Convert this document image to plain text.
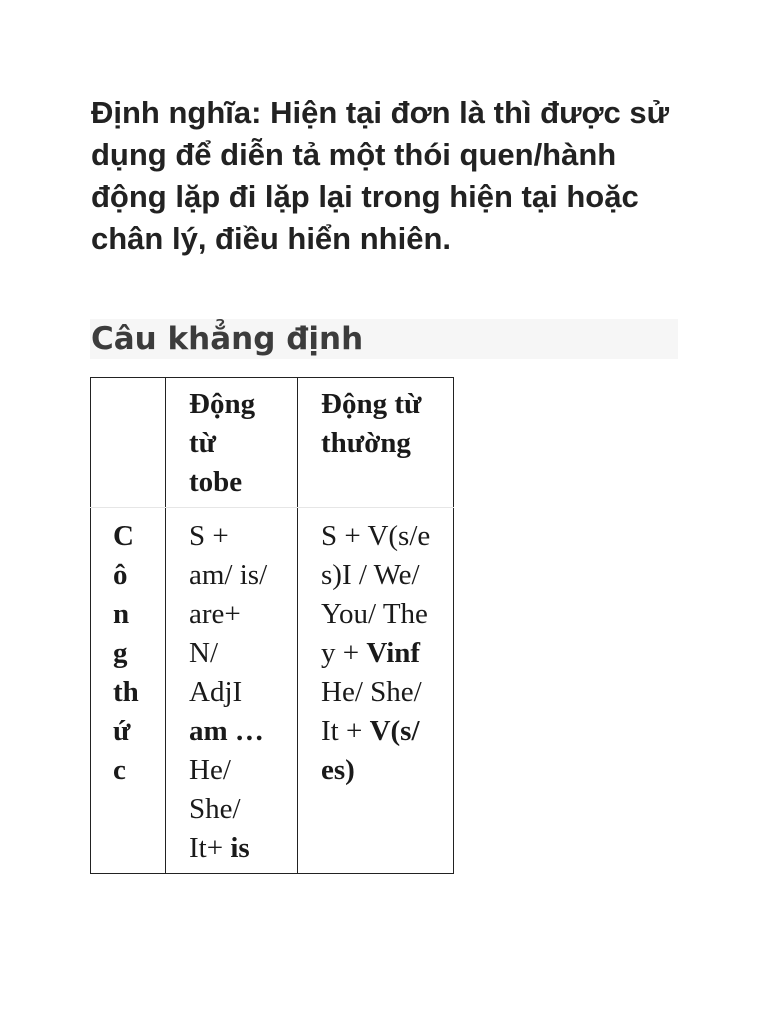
Định nghĩa: Hiện tại đơn là thì được sử dụng để diễn tả một thói quen/hành động lặp đi lặp lại trong hiện tại hoặc chân lý, điều hiển nhiên.

Câu khẳng định
	Động từ tobe	Động từ thường
Công thức	S + am/ is/ are+ N/ AdjI am … He/ She/ It+ is	S + V(s/es)I / We/ You/ They + Vinf He/ She/ It + V(s/es)
